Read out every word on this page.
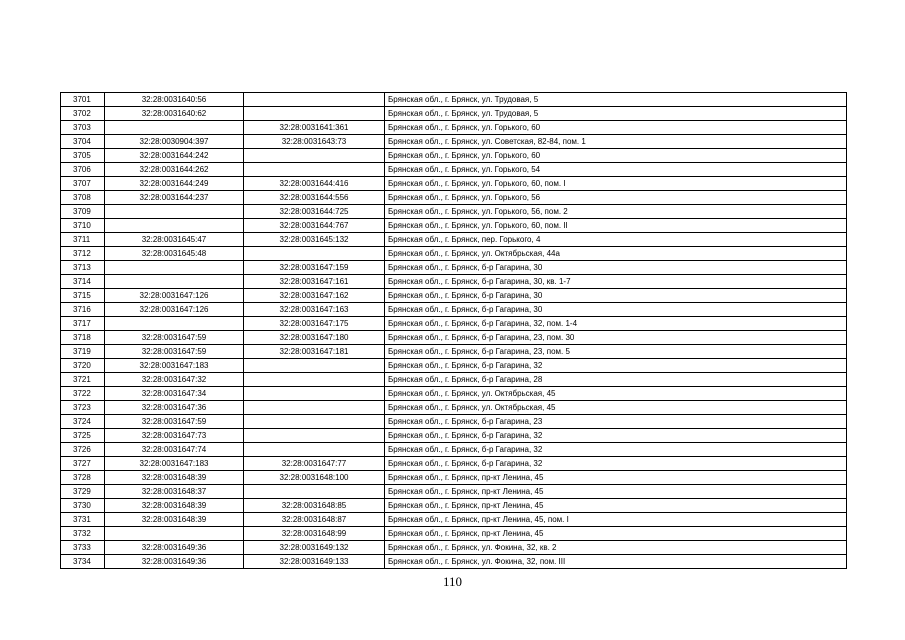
3701	32:28:0031640:56		Брянская обл., г. Брянск, ул. Трудовая, 5
3702	32:28:0031640:62		Брянская обл., г. Брянск, ул. Трудовая, 5
3703		32:28:0031641:361	Брянская обл., г. Брянск, ул. Горького, 60
3704	32:28:0030904:397	32:28:0031643:73	Брянская обл., г. Брянск, ул. Советская, 82-84, пом. 1
3705	32:28:0031644:242		Брянская обл., г. Брянск, ул. Горького, 60
3706	32:28:0031644:262		Брянская обл., г. Брянск, ул. Горького, 54
3707	32:28:0031644:249	32:28:0031644:416	Брянская обл., г. Брянск, ул. Горького, 60, пом. I
3708	32:28:0031644:237	32:28:0031644:556	Брянская обл., г. Брянск, ул. Горького, 56
3709		32:28:0031644:725	Брянская обл., г. Брянск, ул. Горького, 56, пом. 2
3710		32:28:0031644:767	Брянская обл., г. Брянск, ул. Горького, 60, пом. II
3711	32:28:0031645:47	32:28:0031645:132	Брянская обл., г. Брянск, пер. Горького, 4
3712	32:28:0031645:48		Брянская обл., г. Брянск, ул. Октябрьская, 44а
3713		32:28:0031647:159	Брянская обл., г. Брянск, б-р Гагарина, 30
3714		32:28:0031647:161	Брянская обл., г. Брянск, б-р Гагарина, 30, кв. 1-7
3715	32:28:0031647:126	32:28:0031647:162	Брянская обл., г. Брянск, б-р Гагарина, 30
3716	32:28:0031647:126	32:28:0031647:163	Брянская обл., г. Брянск, б-р Гагарина, 30
3717		32:28:0031647:175	Брянская обл., г. Брянск, б-р Гагарина, 32, пом. 1-4
3718	32:28:0031647:59	32:28:0031647:180	Брянская обл., г. Брянск, б-р Гагарина, 23, пом. 30
3719	32:28:0031647:59	32:28:0031647:181	Брянская обл., г. Брянск, б-р Гагарина, 23, пом. 5
3720	32:28:0031647:183		Брянская обл., г. Брянск, б-р Гагарина, 32
3721	32:28:0031647:32		Брянская обл., г. Брянск, б-р Гагарина, 28
3722	32:28:0031647:34		Брянская обл., г. Брянск, ул. Октябрьская, 45
3723	32:28:0031647:36		Брянская обл., г. Брянск, ул. Октябрьская, 45
3724	32:28:0031647:59		Брянская обл., г. Брянск, б-р Гагарина, 23
3725	32:28:0031647:73		Брянская обл., г. Брянск, б-р Гагарина, 32
3726	32:28:0031647:74		Брянская обл., г. Брянск, б-р Гагарина, 32
3727	32:28:0031647:183	32:28:0031647:77	Брянская обл., г. Брянск, б-р Гагарина, 32
3728	32:28:0031648:39	32:28:0031648:100	Брянская обл., г. Брянск, пр-кт Ленина, 45
3729	32:28:0031648:37		Брянская обл., г. Брянск, пр-кт Ленина, 45
3730	32:28:0031648:39	32:28:0031648:85	Брянская обл., г. Брянск, пр-кт Ленина, 45
3731	32:28:0031648:39	32:28:0031648:87	Брянская обл., г. Брянск, пр-кт Ленина, 45, пом. I
3732		32:28:0031648:99	Брянская обл., г. Брянск, пр-кт Ленина, 45
3733	32:28:0031649:36	32:28:0031649:132	Брянская обл., г. Брянск, ул. Фокина, 32, кв. 2
3734	32:28:0031649:36	32:28:0031649:133	Брянская обл., г. Брянск, ул. Фокина, 32, пом. III
110
